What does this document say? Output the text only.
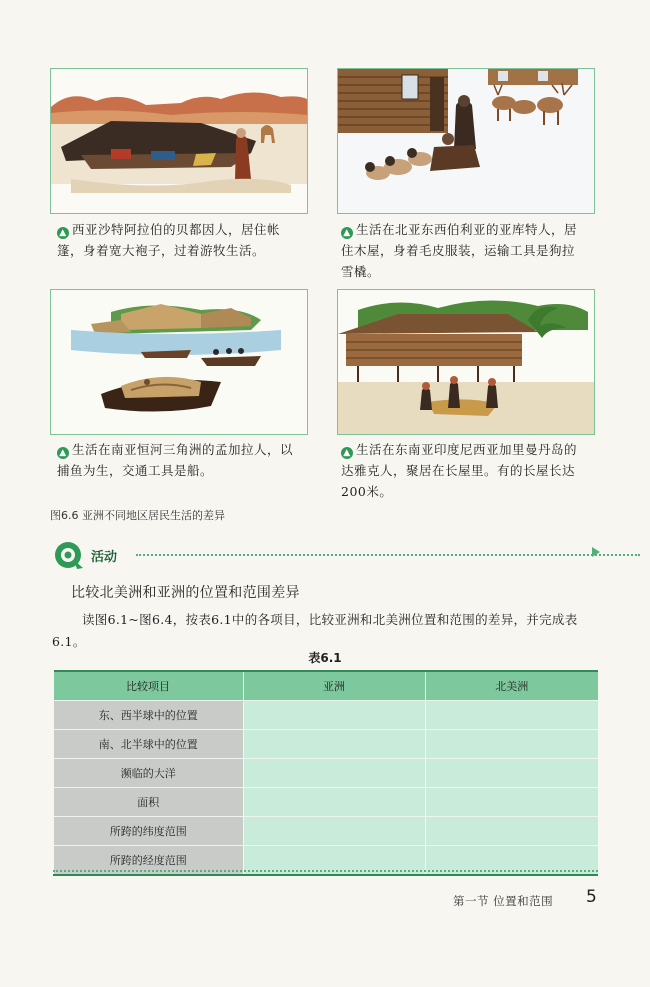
▲ 西亚沙特阿拉伯的贝都因人，居住帐
篷，身着宽大袍子，过着游牧生活。
▲ 生活在北亚东西伯利亚的亚库特人，居
住木屋，身着毛皮服装，运输工具是狗拉
雪橇。
▲ 生活在南亚恒河三角洲的孟加拉人，以
捕鱼为生，交通工具是船。
▲ 生活在东南亚印度尼西亚加里曼丹岛的
达雅克人，聚居在长屋里。有的长屋长达
200米。
图6.6 亚洲不同地区居民生活的差异
活动
比较北美洲和亚洲的位置和范围差异
读图6.1~图6.4，按表6.1中的各项目，比较亚洲和北美洲位置和范围的差异，并完成表6.1。
表6.1
比较项目	亚洲	北美洲
东、西半球中的位置		
南、北半球中的位置		
濒临的大洋		
面积		
所跨的纬度范围		
所跨的经度范围		
第一节 位置和范围 5
